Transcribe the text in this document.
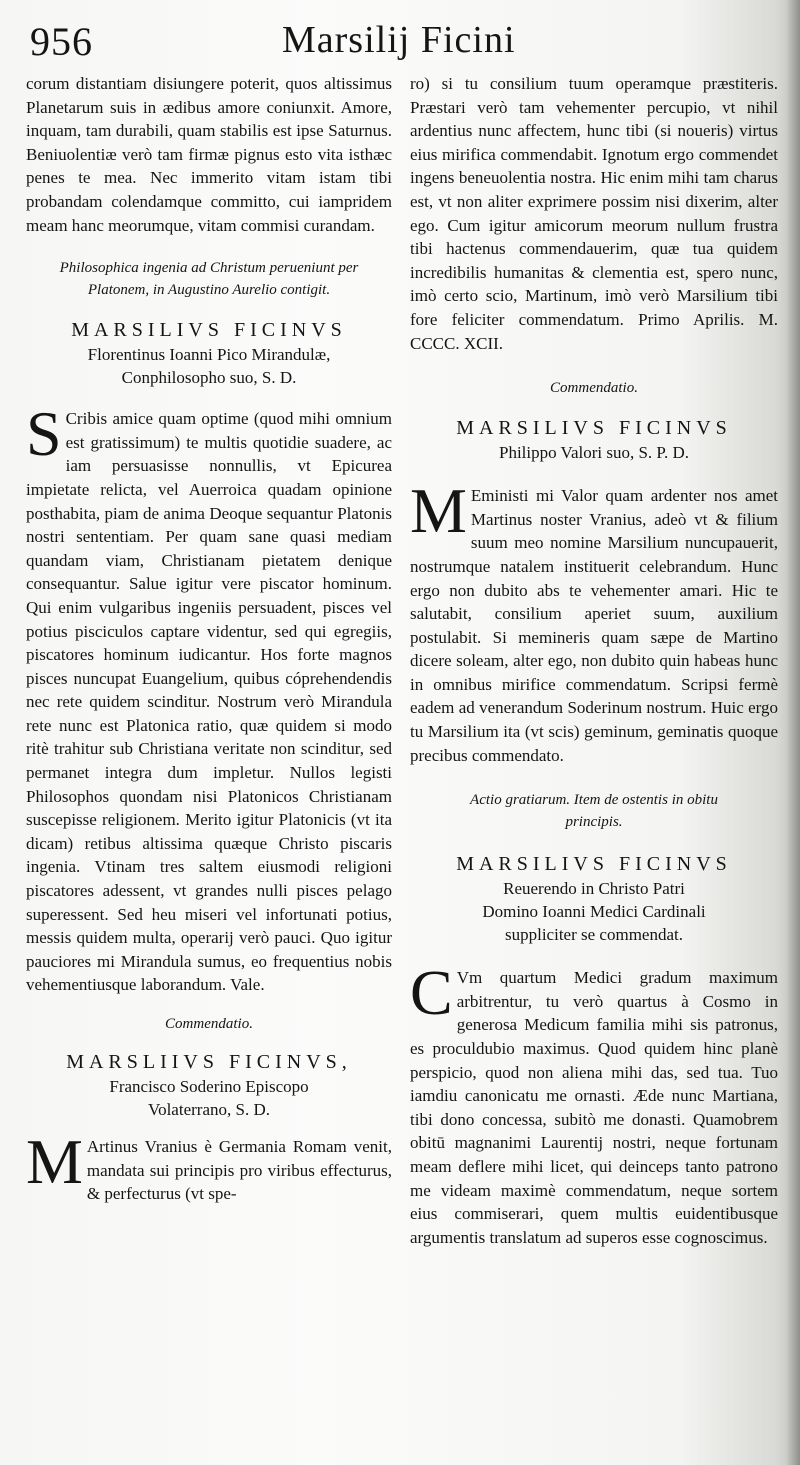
956	Marsilij Ficini

corum distantiam disiungere poterit, quos altissimus Planetarum suis in ædibus amore coniunxit. Amore, inquam, tam durabili, quam stabilis est ipse Saturnus. Beniuolentiæ verò tam firmæ pignus esto vita isthæc penes te mea. Nec immerito vitam istam tibi probandam colendamque committo, cui iampridem meam hanc meorumque, vitam commisi curandam.

Philosophica ingenia ad Christum perueniunt per Platonem, in Augustino Aurelio contigit.

MARSILIVS FICINVS

Florentinus Ioanni Pico Mirandulæ, Conphilosopho suo, S. D.

S Cribis amice quam optime (quod mihi omnium est gratissimum) te multis quotidie suadere, ac iam persuasisse nonnullis, vt Epicurea impietate relicta, vel Auerroica quadam opinione posthabita, piam de anima Deoque sequantur Platonis nostri sententiam. Per quam sane quasi mediam quandam viam, Christianam pietatem denique consequantur. Salue igitur vere piscator hominum. Qui enim vulgaribus ingeniis persuadent, pisces vel potius pisciculos captare videntur, sed qui egregiis, piscatores hominum iudicantur. Hos forte magnos pisces nuncupat Euangelium, quibus cóprehendendis nec rete quidem scinditur. Nostrum verò Mirandula rete nunc est Platonica ratio, quæ quidem si modo ritè trahitur sub Christiana veritate non scinditur, sed permanet integra dum impletur. Nullos legisti Philosophos quondam nisi Platonicos Christianam suscepisse religionem. Merito igitur Platonicis (vt ita dicam) retibus altissima quæque Christo piscaris ingenia. Vtinam tres saltem eiusmodi religioni piscatores adessent, vt grandes nulli pisces pelago superessent. Sed heu miseri vel infortunati potius, messis quidem multa, operarij verò pauci. Quo igitur pauciores mi Mirandula sumus, eo frequentius nobis vehementiusque laborandum. Vale.

Commendatio.

MARSLIIVS FICINVS,

Francisco Soderino Episcopo Volaterrano, S. D.

M Artinus Vranius è Germania Romam venit, mandata sui principis pro viribus effecturus, & perfecturus (vt spe-

ro) si tu consilium tuum operamque præstiteris. Præstari verò tam vehementer percupio, vt nihil ardentius nunc affectem, hunc tibi (si noueris) virtus eius mirifica commendabit. Ignotum ergo commendet ingens beneuolentia nostra. Hic enim mihi tam charus est, vt non aliter exprimere possim nisi dixerim, alter ego. Cum igitur amicorum meorum nullum frustra tibi hactenus commendauerim, quæ tua quidem incredibilis humanitas & clementia est, spero nunc, imò certo scio, Martinum, imò verò Marsilium tibi fore feliciter commendatum. Primo Aprilis. M. CCCC. XCII.

Commendatio.

MARSILIVS FICINVS

Philippo Valori suo, S. P. D.

M Eministi mi Valor quam ardenter nos amet Martinus noster Vranius, adeò vt & filium suum meo nomine Marsilium nuncupauerit, nostrumque natalem instituerit celebrandum. Hunc ergo non dubito abs te vehementer amari. Hic te salutabit, consilium aperiet suum, auxilium postulabit. Si memineris quam sæpe de Martino dicere soleam, alter ego, non dubito quin habeas hunc in omnibus mirifice commendatum. Scripsi fermè eadem ad venerandum Soderinum nostrum. Huic ergo tu Marsilium ita (vt scis) geminum, geminatis quoque precibus commendato.

Actio gratiarum. Item de ostentis in obitu principis.

MARSILIVS FICINVS

Reuerendo in Christo Patri Domino Ioanni Medici Cardinali suppliciter se commendat.

C Vm quartum Medici gradum maximum arbitrentur, tu verò quartus à Cosmo in generosa Medicum familia mihi sis patronus, es proculdubio maximus. Quod quidem hinc planè perspicio, quod non aliena mihi das, sed tua. Tuo iamdiu canonicatu me ornasti. Æde nunc Martiana, tibi dono concessa, subitò me donasti. Quamobrem obitū magnanimi Laurentij nostri, neque fortunam meam deflere mihi licet, qui deinceps tanto patrono me videam maximè commendatum, neque sortem eius commiserari, quem multis euidentibusque argumentis translatum ad superos esse cognoscimus.
